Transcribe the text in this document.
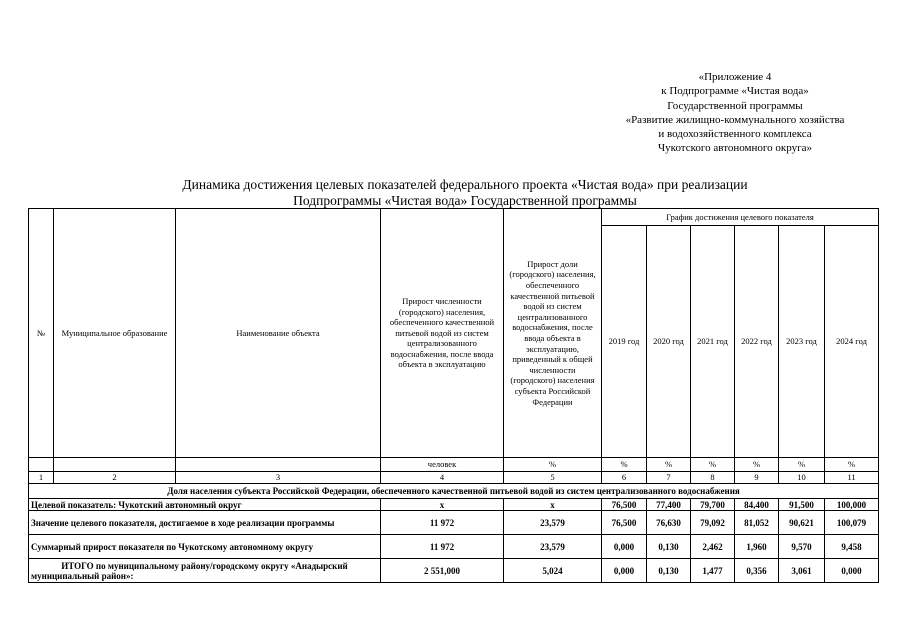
«Приложение 4
к Подпрограмме «Чистая вода»
Государственной программы
«Развитие жилищно-коммунального хозяйства
и водохозяйственного комплекса
Чукотского автономного округа»
Динамика достижения целевых показателей федерального проекта «Чистая вода» при реализации
Подпрограммы «Чистая вода» Государственной программы
№	Муниципальное образование	Наименование объекта	Прирост численности (городского) населения, обеспеченного качественной питьевой водой из систем централизованного водоснабжения, после ввода объекта в эксплуатацию	Прирост доли (городского) населения, обеспеченного качественной питьевой водой из систем централизованного водоснабжения, после ввода объекта в эксплуатацию, приведенный к общей численности (городского) населения субъекта Российской Федерации	График достижения целевого показателя					
					2019 год	2020 год	2021 год	2022 год	2023 год	2024 год
			человек	%	%	%	%	%	%	%
1	2	3	4	5	6	7	8	9	10	11
Доля населения субъекта Российской Федерации, обеспеченного качественной питьевой водой из систем централизованного водоснабжения										
Целевой показатель: Чукотский автономный округ			х	х	76,500	77,400	79,700	84,400	91,500	100,000
Значение целевого показателя, достигаемое в ходе реализации программы			11 972	23,579	76,500	76,630	79,092	81,052	90,621	100,079
Суммарный прирост показателя по Чукотскому автономному округу			11 972	23,579	0,000	0,130	2,462	1,960	9,570	9,458
ИТОГО по муниципальному району/городскому округу «Анадырский муниципальный район»:			2 551,000	5,024	0,000	0,130	1,477	0,356	3,061	0,000
